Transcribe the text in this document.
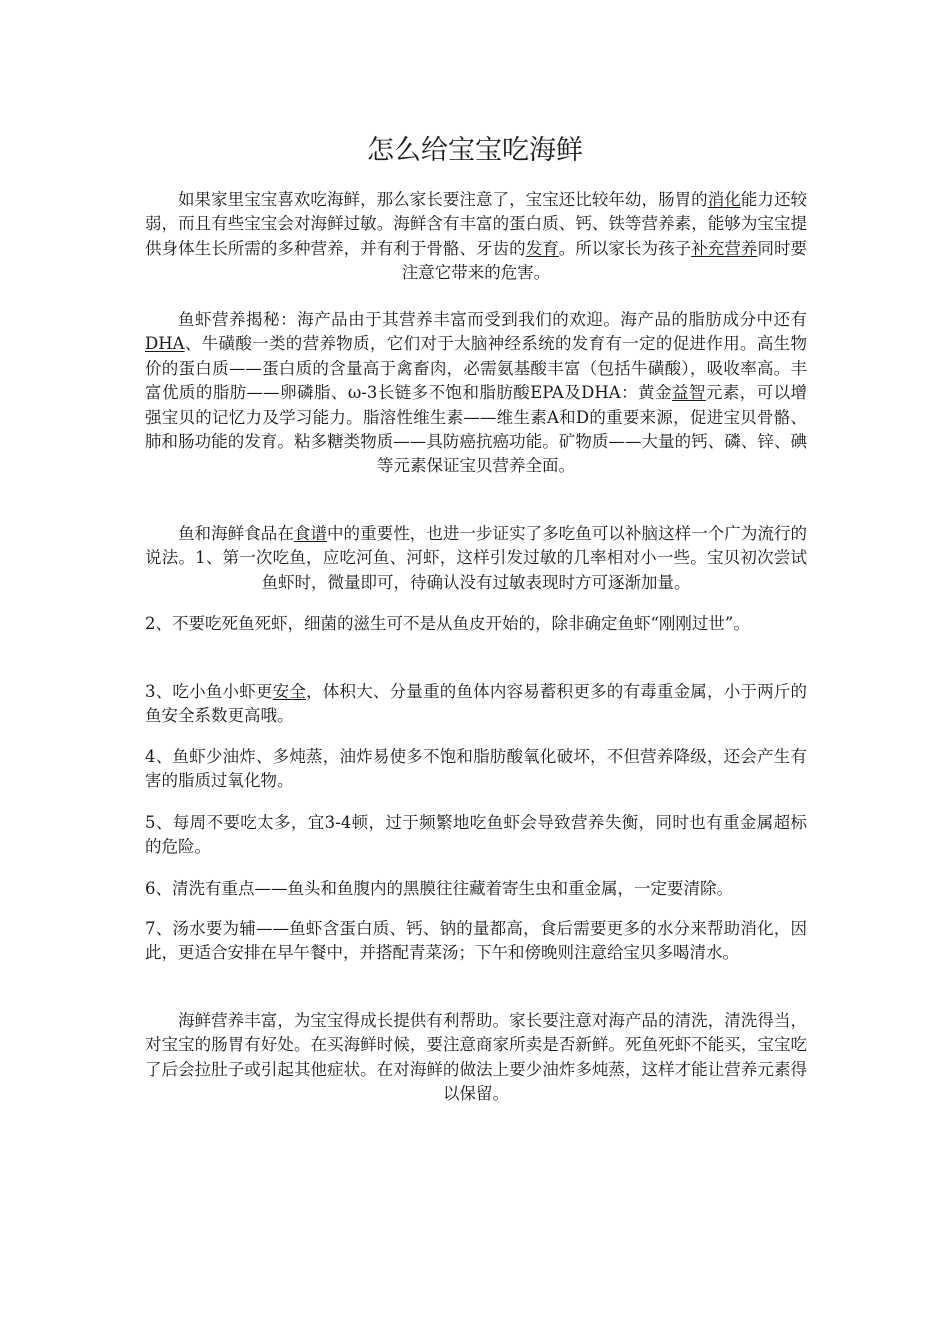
怎么给宝宝吃海鲜

如果家里宝宝喜欢吃海鲜，那么家长要注意了，宝宝还比较年幼，肠胃的消化能力还较弱，而且有些宝宝会对海鲜过敏。海鲜含有丰富的蛋白质、钙、铁等营养素，能够为宝宝提供身体生长所需的多种营养，并有利于骨骼、牙齿的发育。所以家长为孩子补充营养同时要注意它带来的危害。

鱼虾营养揭秘：海产品由于其营养丰富而受到我们的欢迎。海产品的脂肪成分中还有DHA、牛磺酸一类的营养物质，它们对于大脑神经系统的发育有一定的促进作用。高生物价的蛋白质——蛋白质的含量高于禽畜肉，必需氨基酸丰富（包括牛磺酸），吸收率高。丰富优质的脂肪——卵磷脂、ω-3长链多不饱和脂肪酸EPA及DHA：黄金益智元素，可以增强宝贝的记忆力及学习能力。脂溶性维生素——维生素A和D的重要来源，促进宝贝骨骼、肺和肠功能的发育。粘多糖类物质——具防癌抗癌功能。矿物质——大量的钙、磷、锌、碘等元素保证宝贝营养全面。

鱼和海鲜食品在食谱中的重要性，也进一步证实了多吃鱼可以补脑这样一个广为流行的说法。1、第一次吃鱼，应吃河鱼、河虾，这样引发过敏的几率相对小一些。宝贝初次尝试鱼虾时，微量即可，待确认没有过敏表现时方可逐渐加量。

2、不要吃死鱼死虾，细菌的滋生可不是从鱼皮开始的，除非确定鱼虾“刚刚过世”。

3、吃小鱼小虾更安全，体积大、分量重的鱼体内容易蓄积更多的有毒重金属，小于两斤的鱼安全系数更高哦。

4、鱼虾少油炸、多炖蒸，油炸易使多不饱和脂肪酸氧化破坏，不但营养降级，还会产生有害的脂质过氧化物。

5、每周不要吃太多，宜3-4顿，过于频繁地吃鱼虾会导致营养失衡，同时也有重金属超标的危险。

6、清洗有重点——鱼头和鱼腹内的黑膜往往藏着寄生虫和重金属，一定要清除。

7、汤水要为辅——鱼虾含蛋白质、钙、钠的量都高，食后需要更多的水分来帮助消化，因此，更适合安排在早午餐中，并搭配青菜汤；下午和傍晚则注意给宝贝多喝清水。

海鲜营养丰富，为宝宝得成长提供有利帮助。家长要注意对海产品的清洗，清洗得当，对宝宝的肠胃有好处。在买海鲜时候，要注意商家所卖是否新鲜。死鱼死虾不能买，宝宝吃了后会拉肚子或引起其他症状。在对海鲜的做法上要少油炸多炖蒸，这样才能让营养元素得以保留。
